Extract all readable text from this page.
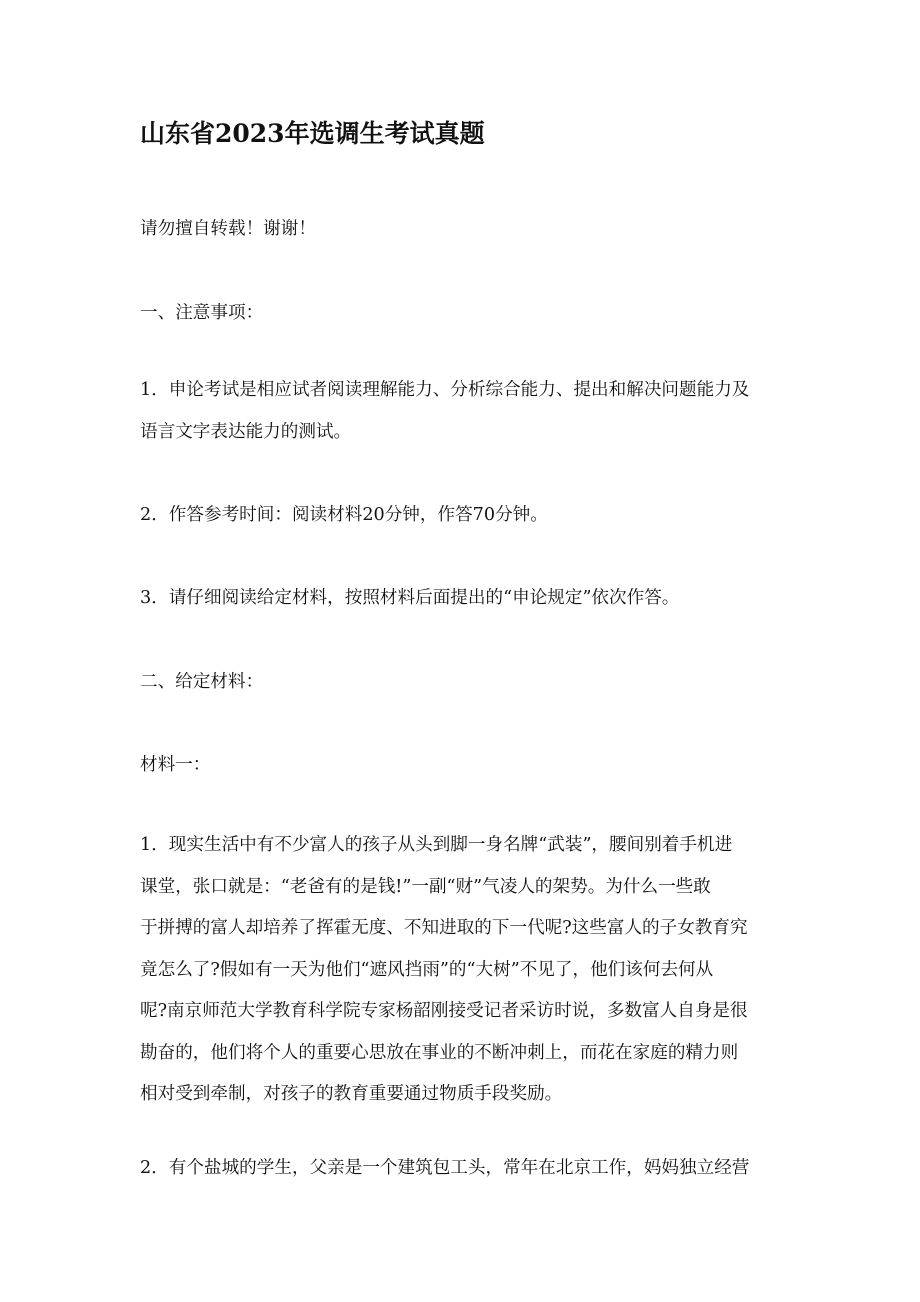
山东省2023年选调生考试真题
请勿擅自转载！谢谢！
一、注意事项：
1．申论考试是相应试者阅读理解能力、分析综合能力、提出和解决问题能力及
语言文字表达能力的测试。
2．作答参考时间：阅读材料20分钟，作答70分钟。
3．请仔细阅读给定材料，按照材料后面提出的“申论规定”依次作答。
二、给定材料：
材料一：
1．现实生活中有不少富人的孩子从头到脚一身名牌“武装”，腰间别着手机进
课堂，张口就是：“老爸有的是钱!”一副“财”气凌人的架势。为什么一些敢
于拼搏的富人却培养了挥霍无度、不知进取的下一代呢?这些富人的子女教育究
竟怎么了?假如有一天为他们“遮风挡雨”的“大树”不见了，他们该何去何从
呢?南京师范大学教育科学院专家杨韶刚接受记者采访时说，多数富人自身是很
勘奋的，他们将个人的重要心思放在事业的不断冲刺上，而花在家庭的精力则
相对受到牵制，对孩子的教育重要通过物质手段奖励。
2．有个盐城的学生，父亲是一个建筑包工头，常年在北京工作，妈妈独立经营
